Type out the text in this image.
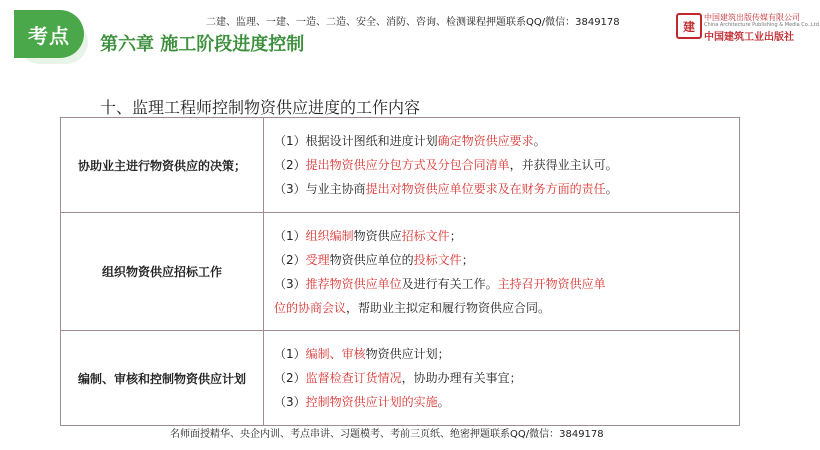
考点 第六章 施工阶段进度控制
二建、监理、一建、一造、二造、安全、消防、咨询、检测课程押题联系QQ/微信：3849178	建
中国建筑出版传媒有限公司
China Architecture Publishing & Media Co.,Ltd.
中国建筑工业出版社
十、监理工程师控制物资供应进度的工作内容
协助业主进行物资供应的决策；	（1）根据设计图纸和进度计划确定物资供应要求。
（2）提出物资供应分包方式及分包合同清单，并获得业主认可。
（3）与业主协商提出对物资供应单位要求及在财务方面的责任。

组织物资供应招标工作	（1）组织编制物资供应招标文件；
（2）受理物资供应单位的投标文件；
（3）推荐物资供应单位及进行有关工作。主持召开物资供应单
位的协商会议，帮助业主拟定和履行物资供应合同。

编制、审核和控制物资供应计划	（1）编制、审核物资供应计划；
（2）监督检查订货情况，协助办理有关事宜；
（3）控制物资供应计划的实施。
名师面授精华、央企内训、考点串讲、习题模考、考前三页纸、绝密押题联系QQ/微信：3849178
